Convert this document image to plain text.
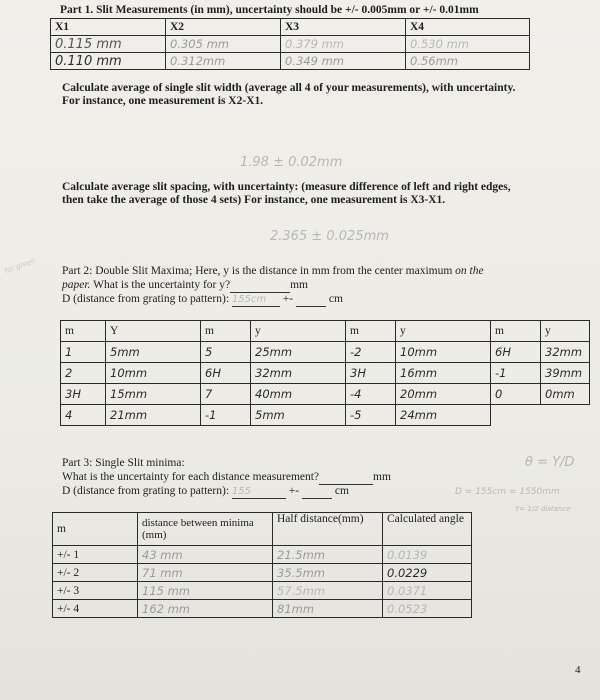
Part 1. Slit Measurements (in mm), uncertainty should be +/- 0.005mm or +/- 0.01mm
X1	X2	X3	X4
0.115 mm	0.305 mm	0.379 mm	0.530 mm
0.110 mm	0.312mm	0.349 mm	0.56mm
Calculate average of single slit width (average all 4 of your measurements), with uncertainty.
For instance, one measurement is X2-X1.
1.98 ± 0.02mm
Calculate average slit spacing, with uncertainty: (measure difference of left and right edges,
then take the average of those 4 sets) For instance, one measurement is X3-X1.
2.365 ± 0.025mm
Part 2: Double Slit Maxima; Here, y is the distance in mm from the center maximum on the
paper. What is the uncertainty for y?	mm
D (distance from grating to pattern): 155cm +-	cm
for green
m	Y	m	y	m	y	m	y
1	5mm	5	25mm	-2	10mm	6H	32mm
2	10mm	6H	32mm	3H	16mm	-1	39mm
3H	15mm	7	40mm	-4	20mm	0	0mm
4	21mm	-1	5mm	-5	24mm		
Part 3: Single Slit minima:
What is the uncertainty for each distance measurement?	mm
D (distance from grating to pattern): 155	+-	cm
θ = Y/D
D = 155cm = 1550mm
Y= 1/2 distance
m	distance between minima (mm)	Half distance(mm)	Calculated angle
+/- 1	43 mm	21.5mm	0.0139
+/- 2	71 mm	35.5mm	0.0229
+/- 3	115 mm	57.5mm	0.0371
+/- 4	162 mm	81mm	0.0523
4
